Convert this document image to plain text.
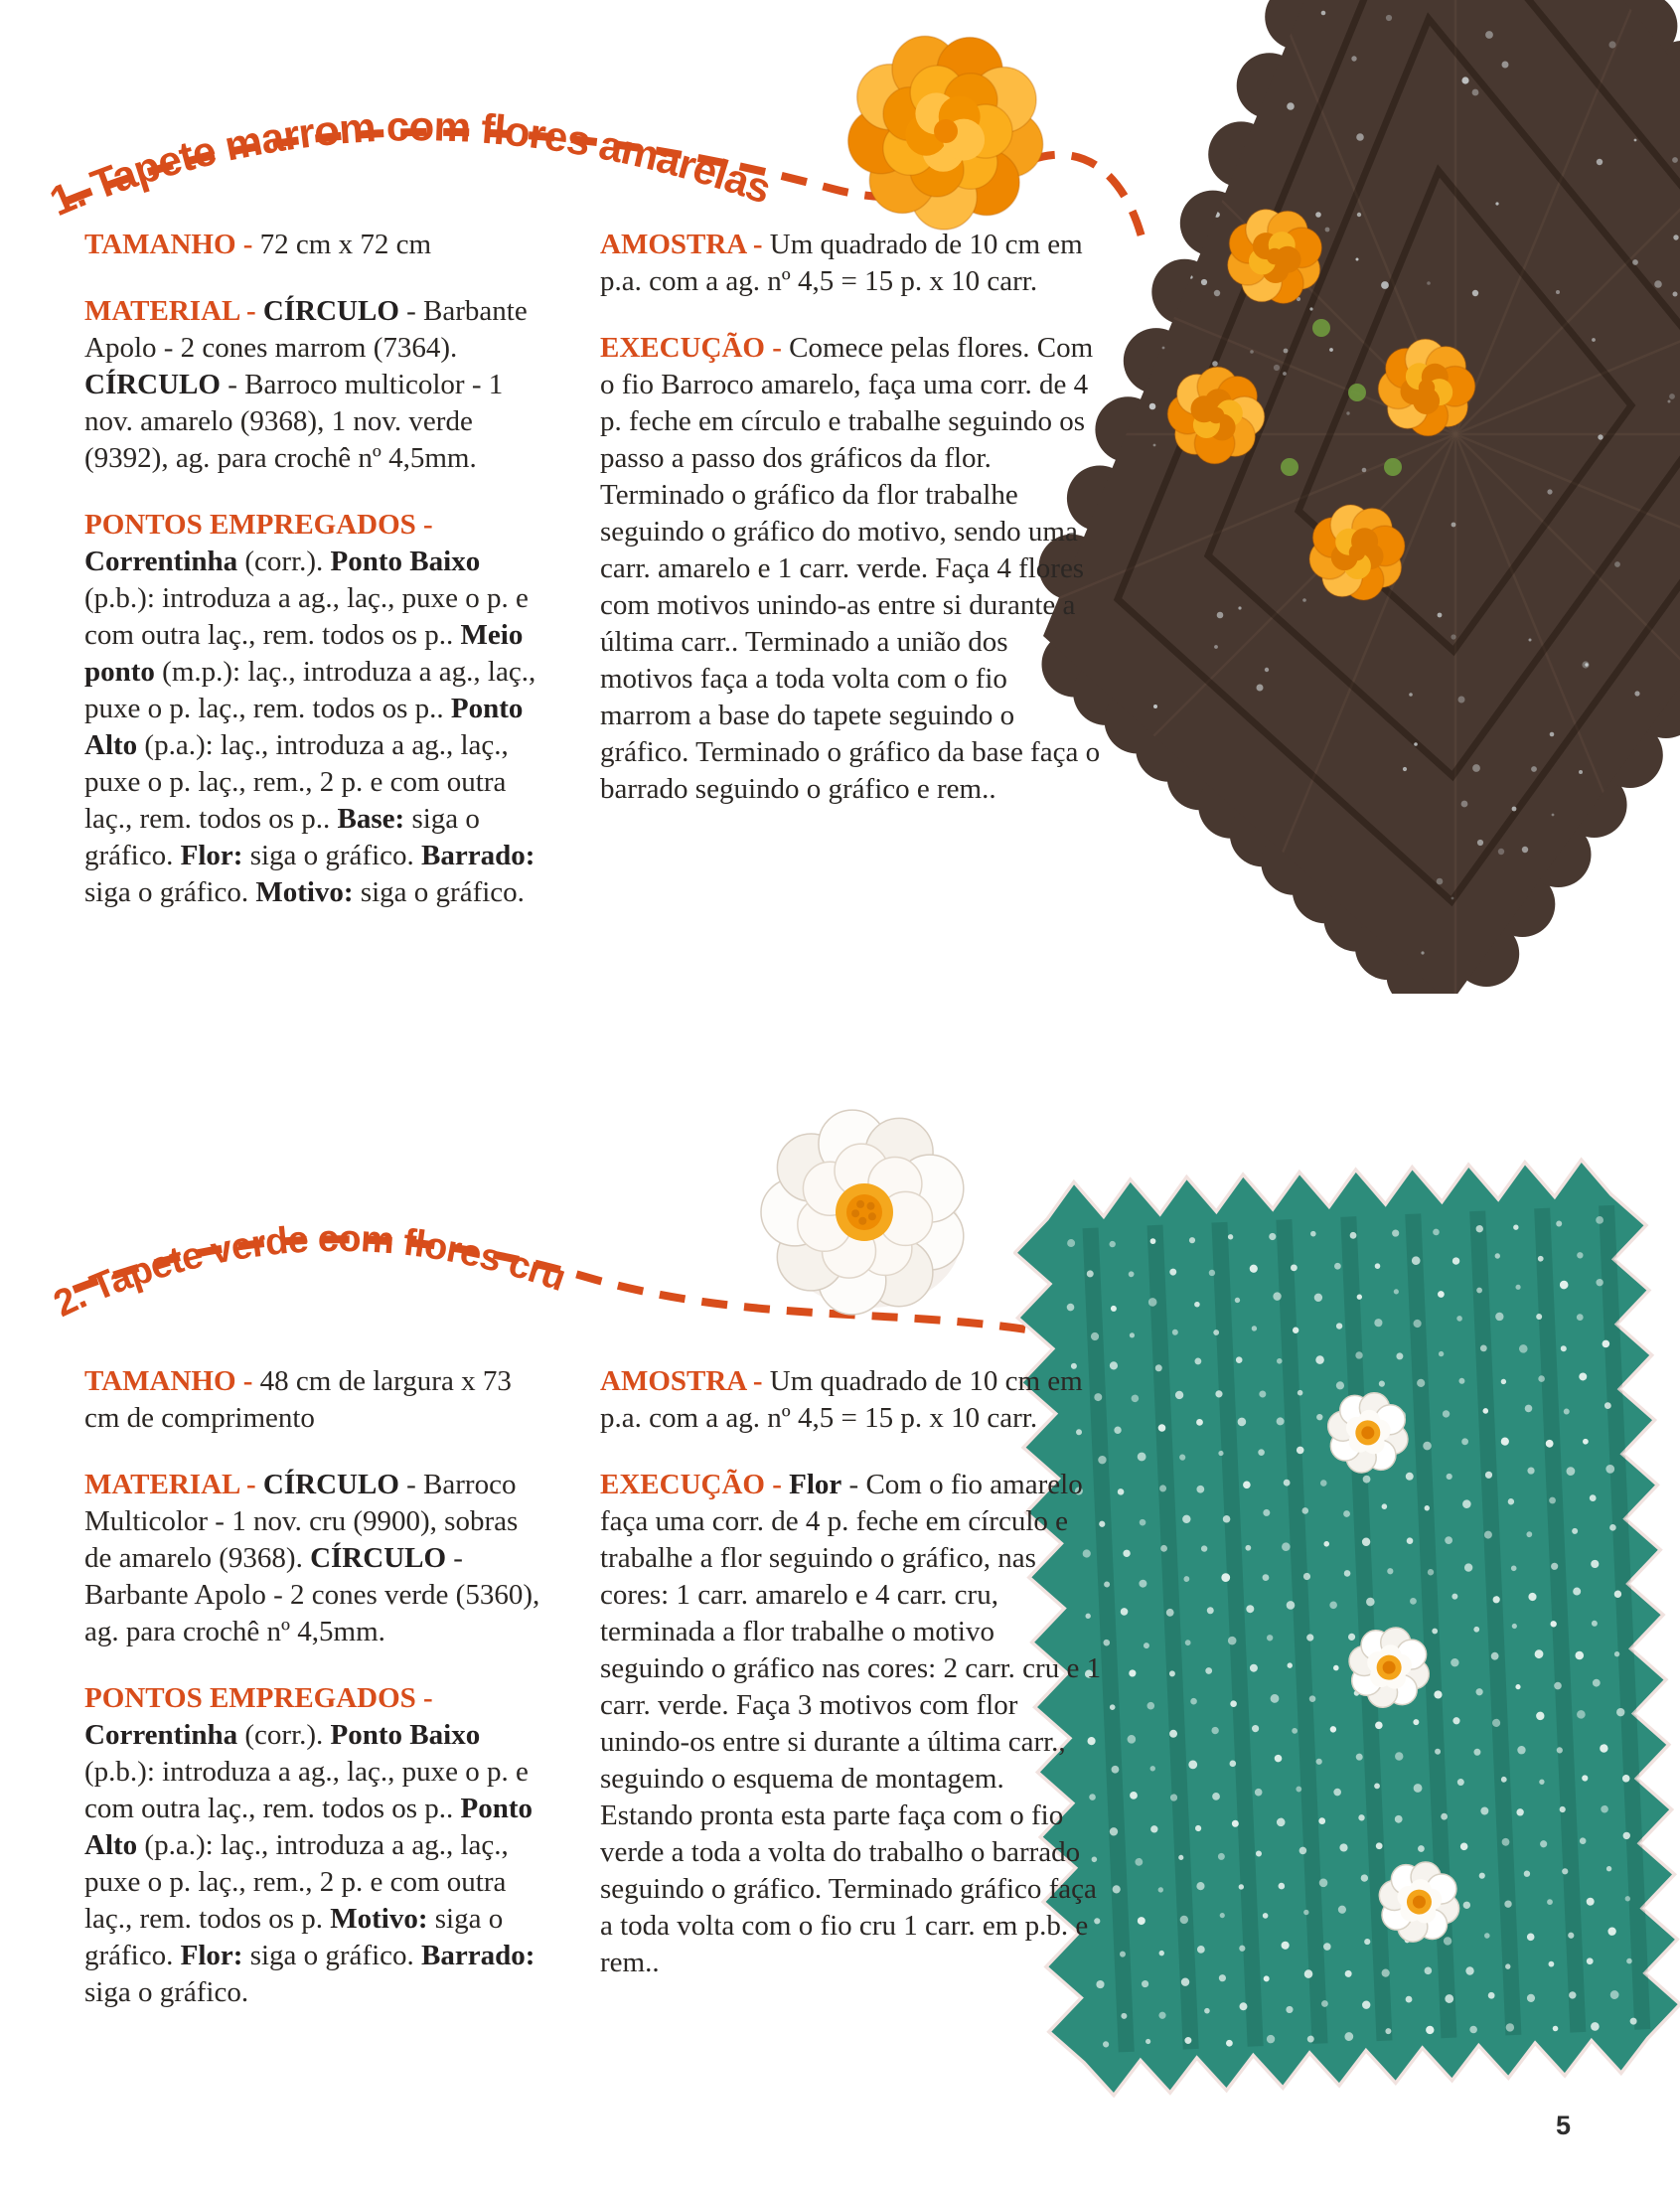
1. Tapete marrom com flores amarelas
2. Tapete verde com flores cru

TAMANHO - 72 cm x 72 cm

MATERIAL - CÍRCULO - Barbante Apolo - 2 cones marrom (7364). CÍRCULO - Barroco multicolor - 1 nov. amarelo (9368), 1 nov. verde (9392), ag. para crochê nº 4,5mm.

PONTOS EMPREGADOS - Correntinha (corr.). Ponto Baixo (p.b.): introduza a ag., laç., puxe o p. e com outra laç., rem. todos os p.. Meio ponto (m.p.): laç., introduza a ag., laç., puxe o p. laç., rem. todos os p.. Ponto Alto (p.a.): laç., introduza a ag., laç., puxe o p. laç., rem., 2 p. e com outra laç., rem. todos os p.. Base: siga o gráfico. Flor: siga o gráfico. Barrado: siga o gráfico. Motivo: siga o gráfico.

AMOSTRA - Um quadrado de 10 cm em p.a. com a ag. nº 4,5 = 15 p. x 10 carr.

EXECUÇÃO - Comece pelas flores. Com o fio Barroco amarelo, faça uma corr. de 4 p. feche em círculo e trabalhe seguindo os passo a passo dos gráficos da flor. Terminado o gráfico da flor trabalhe seguindo o gráfico do motivo, sendo uma carr. amarelo e 1 carr. verde. Faça 4 flores com motivos unindo-as entre si durante a última carr.. Terminado a união dos motivos faça a toda volta com o fio marrom a base do tapete seguindo o gráfico. Terminado o gráfico da base faça o barrado seguindo o gráfico e rem..

TAMANHO - 48 cm de largura x 73 cm de comprimento

MATERIAL - CÍRCULO - Barroco Multicolor - 1 nov. cru (9900), sobras de amarelo (9368). CÍRCULO - Barbante Apolo - 2 cones verde (5360), ag. para crochê nº 4,5mm.

PONTOS EMPREGADOS - Correntinha (corr.). Ponto Baixo (p.b.): introduza a ag., laç., puxe o p. e com outra laç., rem. todos os p.. Ponto Alto (p.a.): laç., introduza a ag., laç., puxe o p. laç., rem., 2 p. e com outra laç., rem. todos os p. Motivo: siga o gráfico. Flor: siga o gráfico. Barrado: siga o gráfico.

AMOSTRA - Um quadrado de 10 cm em p.a. com a ag. nº 4,5 = 15 p. x 10 carr.

EXECUÇÃO - Flor - Com o fio amarelo faça uma corr. de 4 p. feche em círculo e trabalhe a flor seguindo o gráfico, nas cores: 1 carr. amarelo e 4 carr. cru, terminada a flor trabalhe o motivo seguindo o gráfico nas cores: 2 carr. cru e 1 carr. verde. Faça 3 motivos com flor unindo-os entre si durante a última carr., seguindo o esquema de montagem. Estando pronta esta parte faça com o fio verde a toda a volta do trabalho o barrado seguindo o gráfico. Terminado gráfico faça a toda volta com o fio cru 1 carr. em p.b. e rem..

5
